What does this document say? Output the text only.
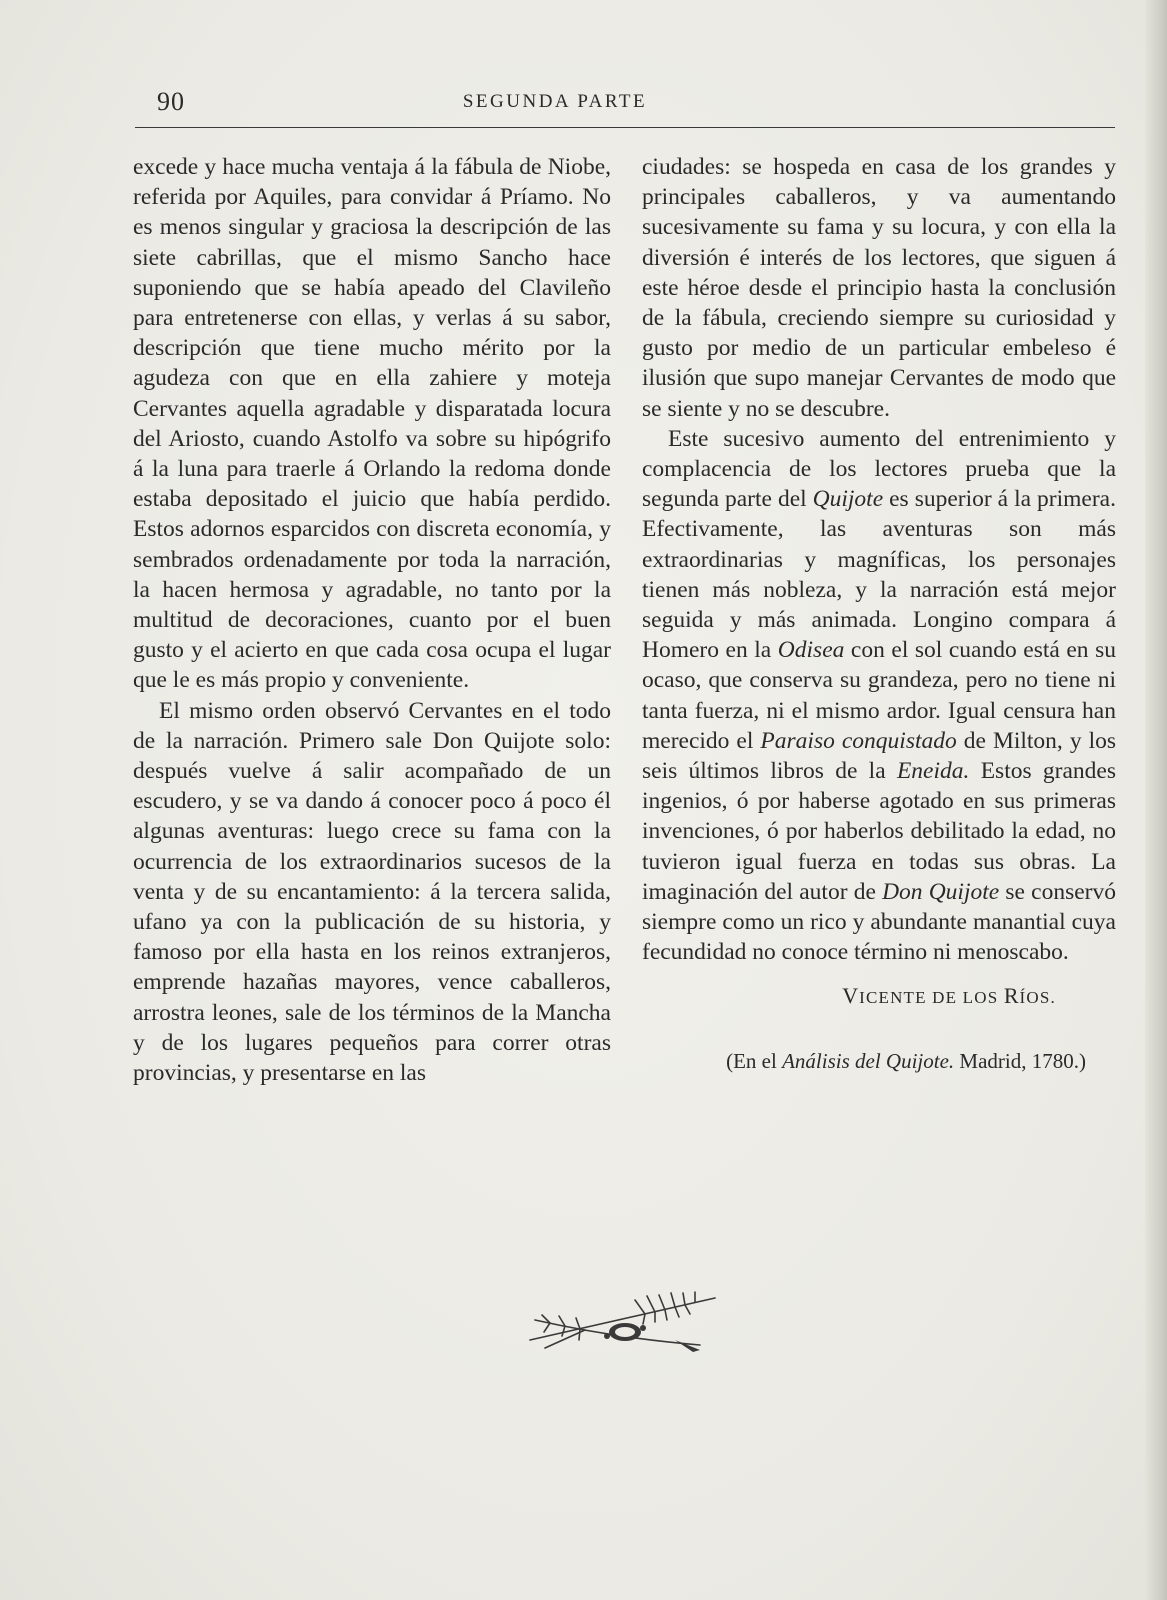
90	SEGUNDA PARTE

excede y hace mucha ventaja á la fábula de Niobe, referida por Aquiles, para convidar á Príamo. No es menos singular y graciosa la descripción de las siete cabrillas, que el mismo Sancho hace suponiendo que se había apeado del Clavileño para entretenerse con ellas, y verlas á su sabor, descripción que tiene mucho mérito por la agudeza con que en ella zahiere y moteja Cervantes aquella agradable y disparatada locura del Ariosto, cuando Astolfo va sobre su hipógrifo á la luna para traerle á Orlando la redoma donde estaba depositado el juicio que había perdido. Estos adornos esparcidos con discreta economía, y sembrados ordenadamente por toda la narración, la hacen hermosa y agradable, no tanto por la multitud de decoraciones, cuanto por el buen gusto y el acierto en que cada cosa ocupa el lugar que le es más propio y conveniente.

El mismo orden observó Cervantes en el todo de la narración. Primero sale Don Quijote solo: después vuelve á salir acompañado de un escudero, y se va dando á conocer poco á poco él algunas aventuras: luego crece su fama con la ocurrencia de los extraordinarios sucesos de la venta y de su encantamiento: á la tercera salida, ufano ya con la publicación de su historia, y famoso por ella hasta en los reinos extranjeros, emprende hazañas mayores, vence caballeros, arrostra leones, sale de los términos de la Mancha y de los lugares pequeños para correr otras provincias, y presentarse en las

ciudades: se hospeda en casa de los grandes y principales caballeros, y va aumentando sucesivamente su fama y su locura, y con ella la diversión é interés de los lectores, que siguen á este héroe desde el principio hasta la conclusión de la fábula, creciendo siempre su curiosidad y gusto por medio de un particular embeleso é ilusión que supo manejar Cervantes de modo que se siente y no se descubre.

Este sucesivo aumento del entrenimiento y complacencia de los lectores prueba que la segunda parte del Quijote es superior á la primera. Efectivamente, las aventuras son más extraordinarias y magníficas, los personajes tienen más nobleza, y la narración está mejor seguida y más animada. Longino compara á Homero en la Odisea con el sol cuando está en su ocaso, que conserva su grandeza, pero no tiene ni tanta fuerza, ni el mismo ardor. Igual censura han merecido el Paraiso conquistado de Milton, y los seis últimos libros de la Eneida. Estos grandes ingenios, ó por haberse agotado en sus primeras invenciones, ó por haberlos debilitado la edad, no tuvieron igual fuerza en todas sus obras. La imaginación del autor de Don Quijote se conservó siempre como un rico y abundante manantial cuya fecundidad no conoce término ni menoscabo.

VICENTE DE LOS RÍOS.
(En el Análisis del Quijote. Madrid, 1780.)
